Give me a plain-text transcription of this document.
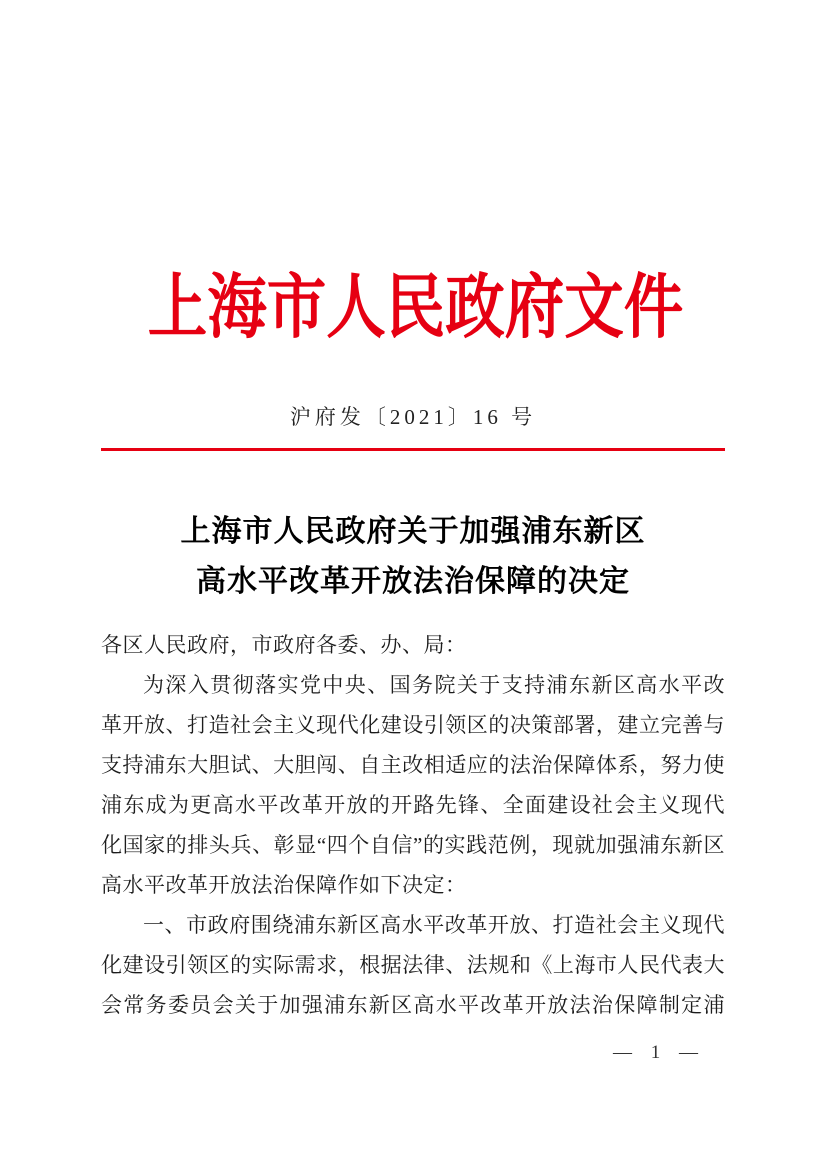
上海市人民政府文件
沪府发〔2021〕16 号
上海市人民政府关于加强浦东新区
高水平改革开放法治保障的决定

各区人民政府，市政府各委、办、局：

为深入贯彻落实党中央、国务院关于支持浦东新区高水平改

革开放、打造社会主义现代化建设引领区的决策部署，建立完善与

支持浦东大胆试、大胆闯、自主改相适应的法治保障体系，努力使

浦东成为更高水平改革开放的开路先锋、全面建设社会主义现代

化国家的排头兵、彰显“四个自信”的实践范例，现就加强浦东新区

高水平改革开放法治保障作如下决定：

一、市政府围绕浦东新区高水平改革开放、打造社会主义现代

化建设引领区的实际需求，根据法律、法规和《上海市人民代表大

会常务委员会关于加强浦东新区高水平改革开放法治保障制定浦

— 1 —
